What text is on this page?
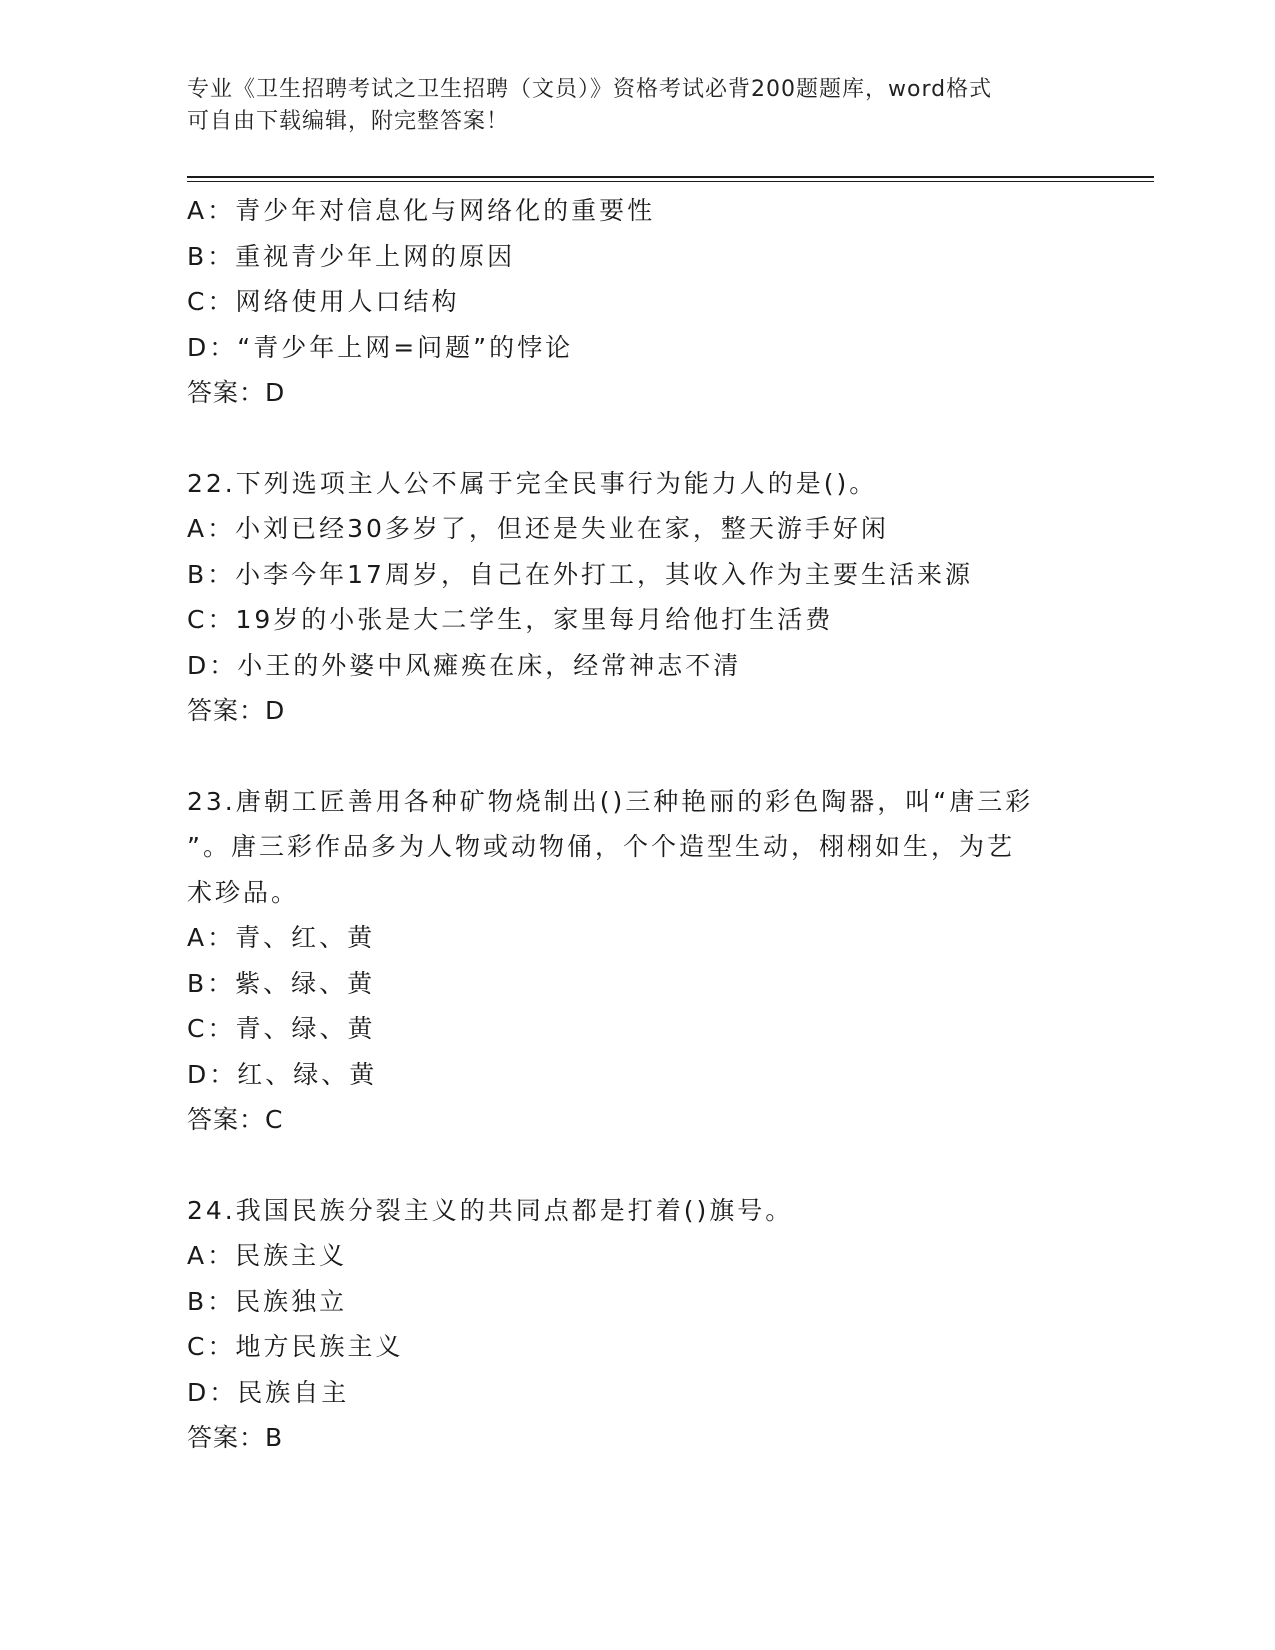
专业《卫生招聘考试之卫生招聘（文员）》资格考试必背200题题库，word格式
可自由下载编辑，附完整答案！
A：青少年对信息化与网络化的重要性
B：重视青少年上网的原因
C：网络使用人口结构
D：“青少年上网=问题”的悖论
答案：D
22.下列选项主人公不属于完全民事行为能力人的是()。
A：小刘已经30多岁了，但还是失业在家，整天游手好闲
B：小李今年17周岁，自己在外打工，其收入作为主要生活来源
C：19岁的小张是大二学生，家里每月给他打生活费
D：小王的外婆中风瘫痪在床，经常神志不清
答案：D
23.唐朝工匠善用各种矿物烧制出()三种艳丽的彩色陶器，叫“唐三彩
”。唐三彩作品多为人物或动物俑，个个造型生动，栩栩如生，为艺
术珍品。
A：青、红、黄
B：紫、绿、黄
C：青、绿、黄
D：红、绿、黄
答案：C
24.我国民族分裂主义的共同点都是打着()旗号。
A：民族主义
B：民族独立
C：地方民族主义
D：民族自主
答案：B
